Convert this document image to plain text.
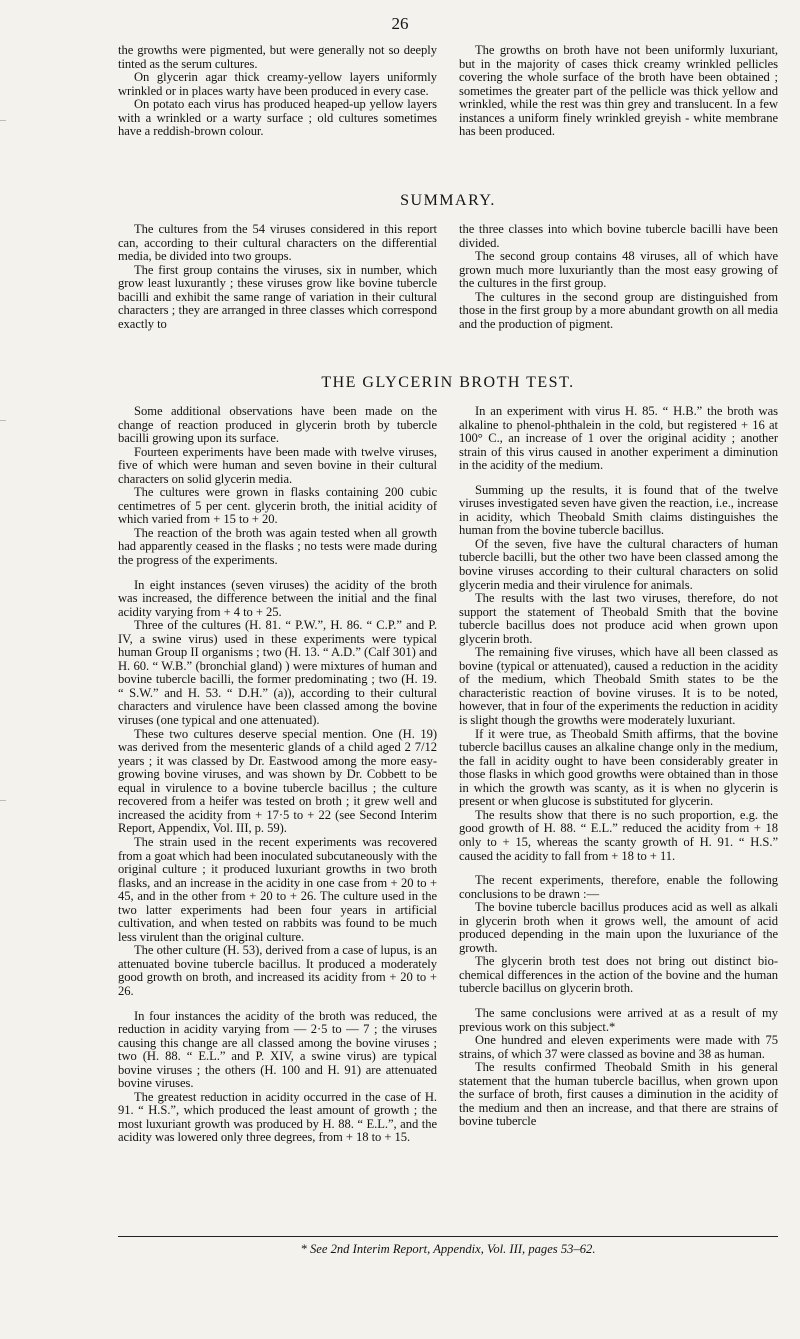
26

the growths were pigmented, but were generally not so deeply tinted as the serum cultures.

On glycerin agar thick creamy-yellow layers uniformly wrinkled or in places warty have been produced in every case.

On potato each virus has produced heaped-up yellow layers with a wrinkled or a warty surface ; old cultures sometimes have a reddish-brown colour.

The growths on broth have not been uniformly luxuriant, but in the majority of cases thick creamy wrinkled pellicles covering the whole surface of the broth have been obtained ; sometimes the greater part of the pellicle was thick yellow and wrinkled, while the rest was thin grey and translucent. In a few instances a uniform finely wrinkled greyish - white membrane has been produced.

SUMMARY.

The cultures from the 54 viruses considered in this report can, according to their cultural characters on the differential media, be divided into two groups.

The first group contains the viruses, six in number, which grow least luxurantly ; these viruses grow like bovine tubercle bacilli and exhibit the same range of variation in their cultural characters ; they are arranged in three classes which correspond exactly to

the three classes into which bovine tubercle bacilli have been divided.

The second group contains 48 viruses, all of which have grown much more luxuriantly than the most easy growing of the cultures in the first group.

The cultures in the second group are distinguished from those in the first group by a more abundant growth on all media and the production of pigment.

THE GLYCERIN BROTH TEST.

Some additional observations have been made on the change of reaction produced in glycerin broth by tubercle bacilli growing upon its surface.

Fourteen experiments have been made with twelve viruses, five of which were human and seven bovine in their cultural characters on solid glycerin media.

The cultures were grown in flasks containing 200 cubic centimetres of 5 per cent. glycerin broth, the initial acidity of which varied from + 15 to + 20.

The reaction of the broth was again tested when all growth had apparently ceased in the flasks ; no tests were made during the progress of the experiments.

In eight instances (seven viruses) the acidity of the broth was increased, the difference between the initial and the final acidity varying from + 4 to + 25.

Three of the cultures (H. 81. “ P.W.”, H. 86. “ C.P.” and P. IV, a swine virus) used in these experiments were typical human Group II organisms ; two (H. 13. “ A.D.” (Calf 301) and H. 60. “ W.B.” (bronchial gland) ) were mixtures of human and bovine tubercle bacilli, the former predominating ; two (H. 19. “ S.W.” and H. 53. “ D.H.” (a)), according to their cultural characters and virulence have been classed among the bovine viruses (one typical and one attenuated).

These two cultures deserve special mention. One (H. 19) was derived from the mesenteric glands of a child aged 2 7/12 years ; it was classed by Dr. Eastwood among the more easy-growing bovine viruses, and was shown by Dr. Cobbett to be equal in virulence to a bovine tubercle bacillus ; the culture recovered from a heifer was tested on broth ; it grew well and increased the acidity from + 17·5 to + 22 (see Second Interim Report, Appendix, Vol. III, p. 59).

The strain used in the recent experiments was recovered from a goat which had been inoculated subcutaneously with the original culture ; it produced luxuriant growths in two broth flasks, and an increase in the acidity in one case from + 20 to + 45, and in the other from + 20 to + 26. The culture used in the two latter experiments had been four years in artificial cultivation, and when tested on rabbits was found to be much less virulent than the original culture.

The other culture (H. 53), derived from a case of lupus, is an attenuated bovine tubercle bacillus. It produced a moderately good growth on broth, and increased its acidity from + 20 to + 26.

In four instances the acidity of the broth was reduced, the reduction in acidity varying from — 2·5 to — 7 ; the viruses causing this change are all classed among the bovine viruses ; two (H. 88. “ E.L.” and P. XIV, a swine virus) are typical bovine viruses ; the others (H. 100 and H. 91) are attenuated bovine viruses.

The greatest reduction in acidity occurred in the case of H. 91. “ H.S.”, which produced the least amount of growth ; the most luxuriant growth was produced by H. 88. “ E.L.”, and the acidity was lowered only three degrees, from + 18 to + 15.

In an experiment with virus H. 85. “ H.B.” the broth was alkaline to phenol-phthalein in the cold, but registered + 16 at 100° C., an increase of 1 over the original acidity ; another strain of this virus caused in another experiment a diminution in the acidity of the medium.

Summing up the results, it is found that of the twelve viruses investigated seven have given the reaction, i.e., increase in acidity, which Theobald Smith claims distinguishes the human from the bovine tubercle bacillus.

Of the seven, five have the cultural characters of human tubercle bacilli, but the other two have been classed among the bovine viruses according to their cultural characters on solid glycerin media and their virulence for animals.

The results with the last two viruses, therefore, do not support the statement of Theobald Smith that the bovine tubercle bacillus does not produce acid when grown upon glycerin broth.

The remaining five viruses, which have all been classed as bovine (typical or attenuated), caused a reduction in the acidity of the medium, which Theobald Smith states to be the characteristic reaction of bovine viruses. It is to be noted, however, that in four of the experiments the reduction in acidity is slight though the growths were moderately luxuriant.

If it were true, as Theobald Smith affirms, that the bovine tubercle bacillus causes an alkaline change only in the medium, the fall in acidity ought to have been considerably greater in those flasks in which good growths were obtained than in those in which the growth was scanty, as it is when no glycerin is present or when glucose is substituted for glycerin.

The results show that there is no such proportion, e.g. the good growth of H. 88. “ E.L.” reduced the acidity from + 18 only to + 15, whereas the scanty growth of H. 91. “ H.S.” caused the acidity to fall from + 18 to + 11.

The recent experiments, therefore, enable the following conclusions to be drawn :—

The bovine tubercle bacillus produces acid as well as alkali in glycerin broth when it grows well, the amount of acid produced depending in the main upon the luxuriance of the growth.

The glycerin broth test does not bring out distinct bio-chemical differences in the action of the bovine and the human tubercle bacillus on glycerin broth.

The same conclusions were arrived at as a result of my previous work on this subject.*

One hundred and eleven experiments were made with 75 strains, of which 37 were classed as bovine and 38 as human.

The results confirmed Theobald Smith in his general statement that the human tubercle bacillus, when grown upon the surface of broth, first causes a diminution in the acidity of the medium and then an increase, and that there are strains of bovine tubercle

* See 2nd Interim Report, Appendix, Vol. III, pages 53–62.
